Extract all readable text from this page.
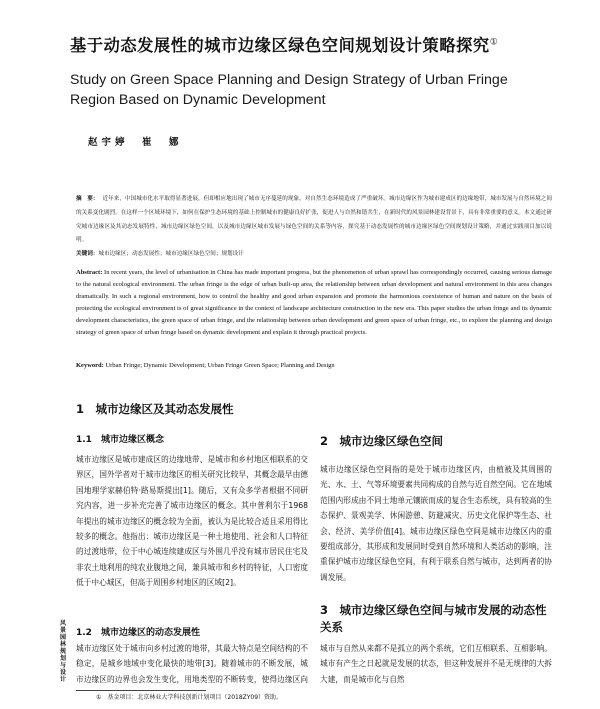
基于动态发展性的城市边缘区绿色空间规划设计策略探究①
Study on Green Space Planning and Design Strategy of Urban Fringe Region Based on Dynamic Development
赵宇婷　崔　娜
摘　要： 近年来，中国城市化水平取得显著进展，但却相应地出现了城市无序蔓延的现象，对自然生态环境造成了严重破坏。城市边缘区作为城市建成区的边缘地带，城市发展与自然环境之间的关系变化剧烈。在这样一个区域环境下，如何在保护生态环境的基础上控制城市的健康良好扩张，促进人与自然和谐共生，在新时代的风景园林建设背景下，具有非常重要的意义。本文通过研究城市边缘区及其动态发展特性，城市边缘区绿色空间，以及城市边缘区城市发展与绿色空间的关系等内容，探究基于动态发展性的城市边缘区绿色空间规划设计策略，并通过实践项目加以说明。
关键词：城市边缘区；动态发展性；城市边缘区绿色空间；规划设计
Abstract: In recent years, the level of urbanisation in China has made important progress, but the phenomenon of urban sprawl has correspondingly occurred, causing serious damage to the natural ecological environment. The urban fringe is the edge of urban built-up area, the relationship between urban development and natural environment in this area changes dramatically. In such a regional environment, how to control the healthy and good urban expansion and promote the harmonious coexistence of human and nature on the basis of protecting the ecological environment is of great significance in the context of landscape architecture construction in the new era. This paper studies the urban fringe and its dynamic development characteristics, the green space of urban fringe, and the relationship between urban development and green space of urban fringe, etc., to explore the planning and design strategy of green space of urban fringe based on dynamic development and explain it through practical projects.
Keyword: Urban Fringe; Dynamic Development; Urban Fringe Green Space; Planning and Design
1　城市边缘区及其动态发展性
1.1　城市边缘区概念
城市边缘区是城市建成区的边缘地带、是城市和乡村地区相联系的交界区，国外学者对于城市边缘区的相关研究比较早，其概念最早由德国地理学家赫伯特·路易斯提出[1]。随后，又有众多学者根据不同研究内容，进一步补充完善了城市边缘区的概念。其中普利尔于1968年提出的城市边缘区的概念较为全面，被认为是比较合适且采用得比较多的概念。他指出：城市边缘区是一种土地使用、社会和人口特征的过渡地带，位于中心城连续建成区与外围几乎没有城市居民住宅及非农土地利用的纯农业腹地之间，兼具城市和乡村的特征，人口密度低于中心城区，但高于周围乡村地区的区域[2]。
1.2　城市边缘区的动态发展性
城市边缘区处于城市向乡村过渡的地带，其最大特点是空间结构的不稳定，是城乡地域中变化最快的地带[3]。随着城市的不断发展，城市边缘区的边界也会发生变化，用地类型的不断转变，使得边缘区向
2　城市边缘区绿色空间
城市边缘区绿色空间指的是处于城市边缘区内，由植被及其周围的光、水、土、气等环境要素共同构成的自然与近自然空间。它在地域范围内形成由不同土地单元镶嵌而成的复合生态系统，具有较高的生态保护、景观美学、休闲游憩、防避减灾、历史文化保护等生态、社会、经济、美学价值[4]。城市边缘区绿色空间是城市边缘区内的重要组成部分，其形成和发展同时受到自然环境和人类活动的影响，注重保护城市边缘区绿色空间，有利于联系自然与城市，达到两者的协调发展。
3　城市边缘区绿色空间与城市发展的动态性关系
城市与自然从来都不是孤立的两个系统，它们互相联系、互相影响。城市有产生之日起就是发展的状态，但这种发展并不是无规律的大拆大建，而是城市化与自然
风景园林规划与设计
①　基金项目：北京林业大学科技创新计划项目（2018ZY09）资助。
